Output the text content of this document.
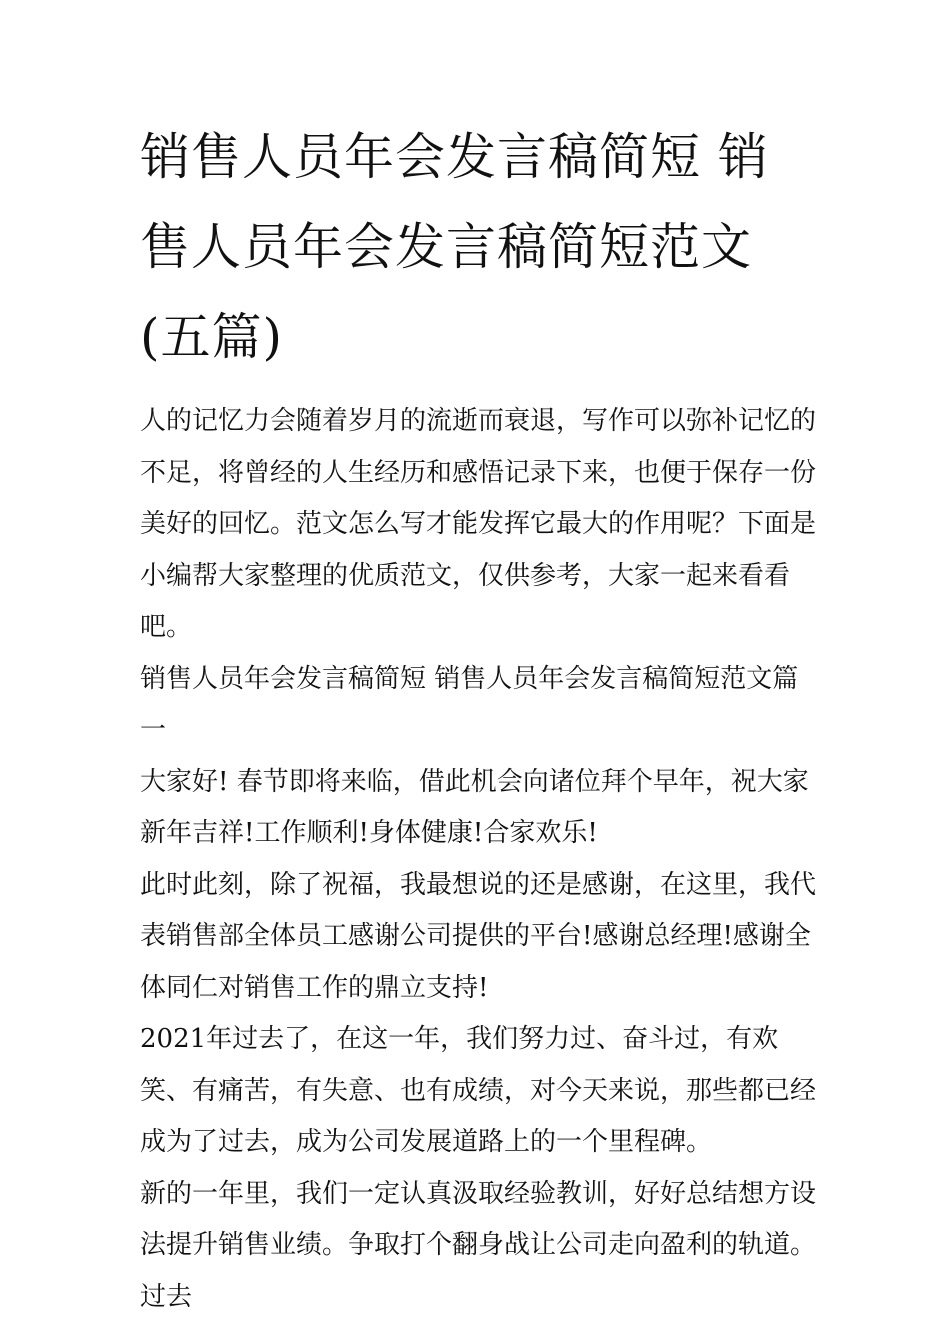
销售人员年会发言稿简短 销售人员年会发言稿简短范文(五篇)

人的记忆力会随着岁月的流逝而衰退，写作可以弥补记忆的不足，将曾经的人生经历和感悟记录下来，也便于保存一份美好的回忆。范文怎么写才能发挥它最大的作用呢？下面是小编帮大家整理的优质范文，仅供参考，大家一起来看看吧。

销售人员年会发言稿简短 销售人员年会发言稿简短范文篇一

大家好! 春节即将来临，借此机会向诸位拜个早年，祝大家新年吉祥!工作顺利!身体健康!合家欢乐!

此时此刻，除了祝福，我最想说的还是感谢，在这里，我代表销售部全体员工感谢公司提供的平台!感谢总经理!感谢全体同仁对销售工作的鼎立支持!

2021年过去了，在这一年，我们努力过、奋斗过，有欢笑、有痛苦，有失意、也有成绩，对今天来说，那些都已经成为了过去，成为公司发展道路上的一个里程碑。

新的一年里，我们一定认真汲取经验教训，好好总结想方设法提升销售业绩。争取打个翻身战让公司走向盈利的轨道。过去
